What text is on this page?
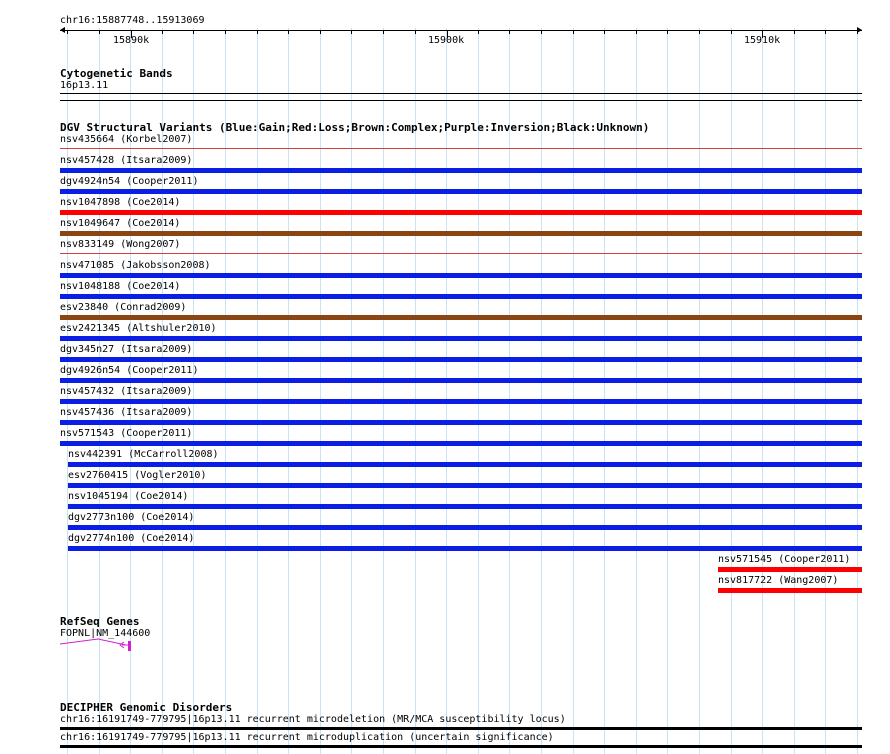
chr16:15887748..15913069
15890k	15900k	15910k
Cytogenetic Bands
16p13.11
DGV Structural Variants (Blue:Gain;Red:Loss;Brown:Complex;Purple:Inversion;Black:Unknown)
nsv435664 (Korbel2007)
nsv457428 (Itsara2009)
dgv4924n54 (Cooper2011)
nsv1047898 (Coe2014)
nsv1049647 (Coe2014)
nsv833149 (Wong2007)
nsv471085 (Jakobsson2008)
nsv1048188 (Coe2014)
esv23840 (Conrad2009)
esv2421345 (Altshuler2010)
dgv345n27 (Itsara2009)
dgv4926n54 (Cooper2011)
nsv457432 (Itsara2009)
nsv457436 (Itsara2009)
nsv571543 (Cooper2011)
nsv442391 (McCarroll2008)
esv2760415 (Vogler2010)
nsv1045194 (Coe2014)
dgv2773n100 (Coe2014)
dgv2774n100 (Coe2014)
nsv571545 (Cooper2011)
nsv817722 (Wang2007)
RefSeq Genes
FOPNL|NM_144600
DECIPHER Genomic Disorders
chr16:16191749-779795|16p13.11 recurrent microdeletion (MR/MCA susceptibility locus)
chr16:16191749-779795|16p13.11 recurrent microduplication (uncertain significance)
